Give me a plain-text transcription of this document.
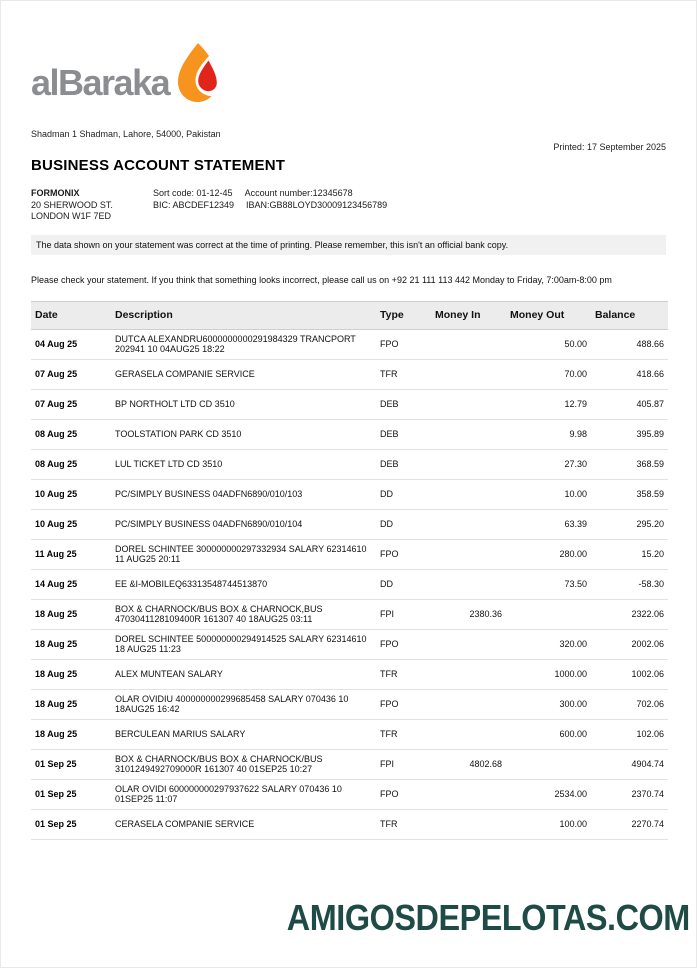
alBaraka
Shadman 1 Shadman, Lahore, 54000, Pakistan
Printed: 17 September 2025
BUSINESS ACCOUNT STATEMENT
FORMONIX
20 SHERWOOD ST.
LONDON W1F 7ED
Sort code: 01-12-45 Account number:12345678
BIC: ABCDEF12349 IBAN:GB88LOYD30009123456789
The data shown on your statement was correct at the time of printing. Please remember, this isn't an official bank copy.
Please check your statement. If you think that something looks incorrect, please call us on +92 21 111 113 442 Monday to Friday, 7:00am-8:00 pm
Date	Description	Type	Money In	Money Out	Balance
04 Aug 25	DUTCA ALEXANDRU6000000000291984329 TRANCPORT 202941 10 04AUG25 18:22	FPO		50.00	488.66
07 Aug 25	GERASELA COMPANIE SERVICE	TFR		70.00	418.66
07 Aug 25	BP NORTHOLT LTD CD 3510	DEB		12.79	405.87
08 Aug 25	TOOLSTATION PARK CD 3510	DEB		9.98	395.89
08 Aug 25	LUL TICKET LTD CD 3510	DEB		27.30	368.59
10 Aug 25	PC/SIMPLY BUSINESS 04ADFN6890/010/103	DD		10.00	358.59
10 Aug 25	PC/SIMPLY BUSINESS 04ADFN6890/010/104	DD		63.39	295.20
11 Aug 25	DOREL SCHINTEE 300000000297332934 SALARY 62314610 11 AUG25 20:11	FPO		280.00	15.20
14 Aug 25	EE &I-MOBILEQ63313548744513870	DD		73.50	-58.30
18 Aug 25	BOX & CHARNOCK/BUS BOX & CHARNOCK,BUS 4703041128109400R 161307 40 18AUG25 03:11	FPI	2380.36		2322.06
18 Aug 25	DOREL SCHINTEE 500000000294914525 SALARY 62314610 18 AUG25 11:23	FPO		320.00	2002.06
18 Aug 25	ALEX MUNTEAN SALARY	TFR		1000.00	1002.06
18 Aug 25	OLAR OVIDIU 400000000299685458 SALARY 070436 10 18AUG25 16:42	FPO		300.00	702.06
18 Aug 25	BERCULEAN MARIUS SALARY	TFR		600.00	102.06
01 Sep 25	BOX & CHARNOCK/BUS BOX & CHARNOCK/BUS 3101249492709000R 161307 40 01SEP25 10:27	FPI	4802.68		4904.74
01 Sep 25	OLAR OVIDI 600000000297937622 SALARY 070436 10 01SEP25 11:07	FPO		2534.00	2370.74
01 Sep 25	CERASELA COMPANIE SERVICE	TFR		100.00	2270.74
AMIGOSDEPELOTAS.COM
